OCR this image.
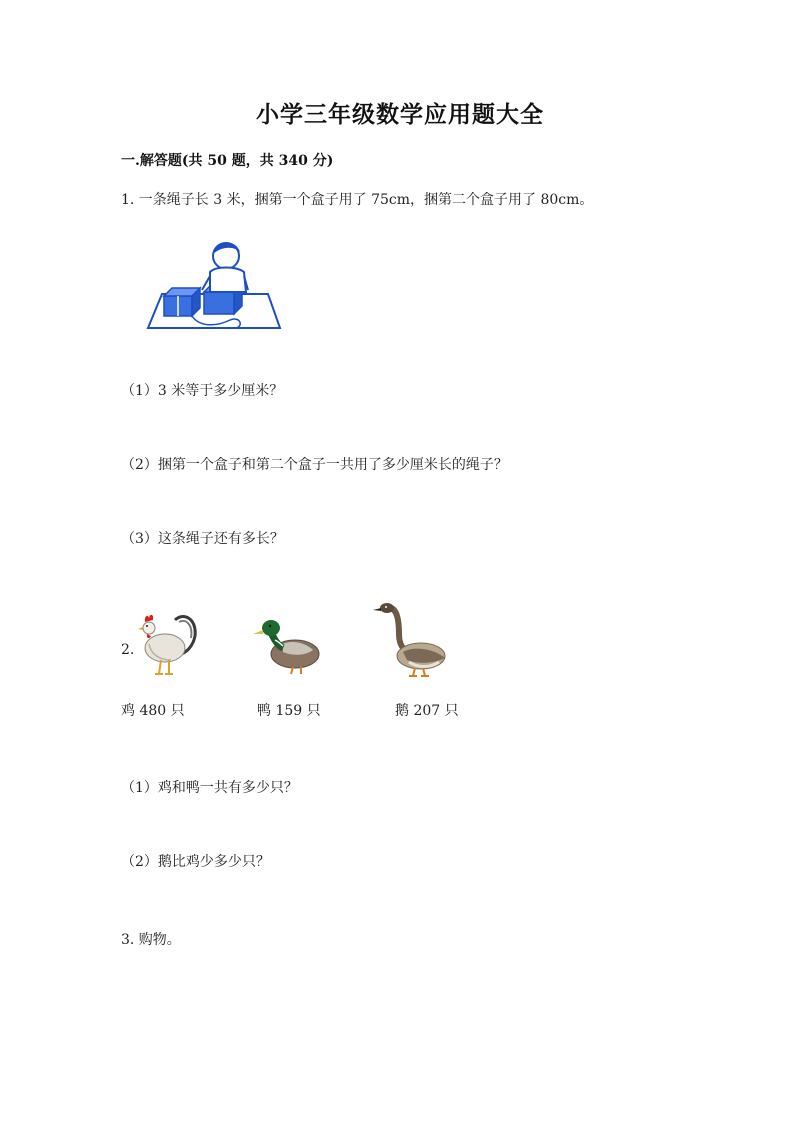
小学三年级数学应用题大全
一.解答题(共 50 题，共 340 分)
1. 一条绳子长 3 米，捆第一个盒子用了 75cm，捆第二个盒子用了 80cm。
（1）3 米等于多少厘米？
（2）捆第一个盒子和第二个盒子一共用了多少厘米长的绳子？
（3）这条绳子还有多长？
2.
鸡 480 只	鸭 159 只	鹅 207 只
（1）鸡和鸭一共有多少只？
（2）鹅比鸡少多少只？
3. 购物。
